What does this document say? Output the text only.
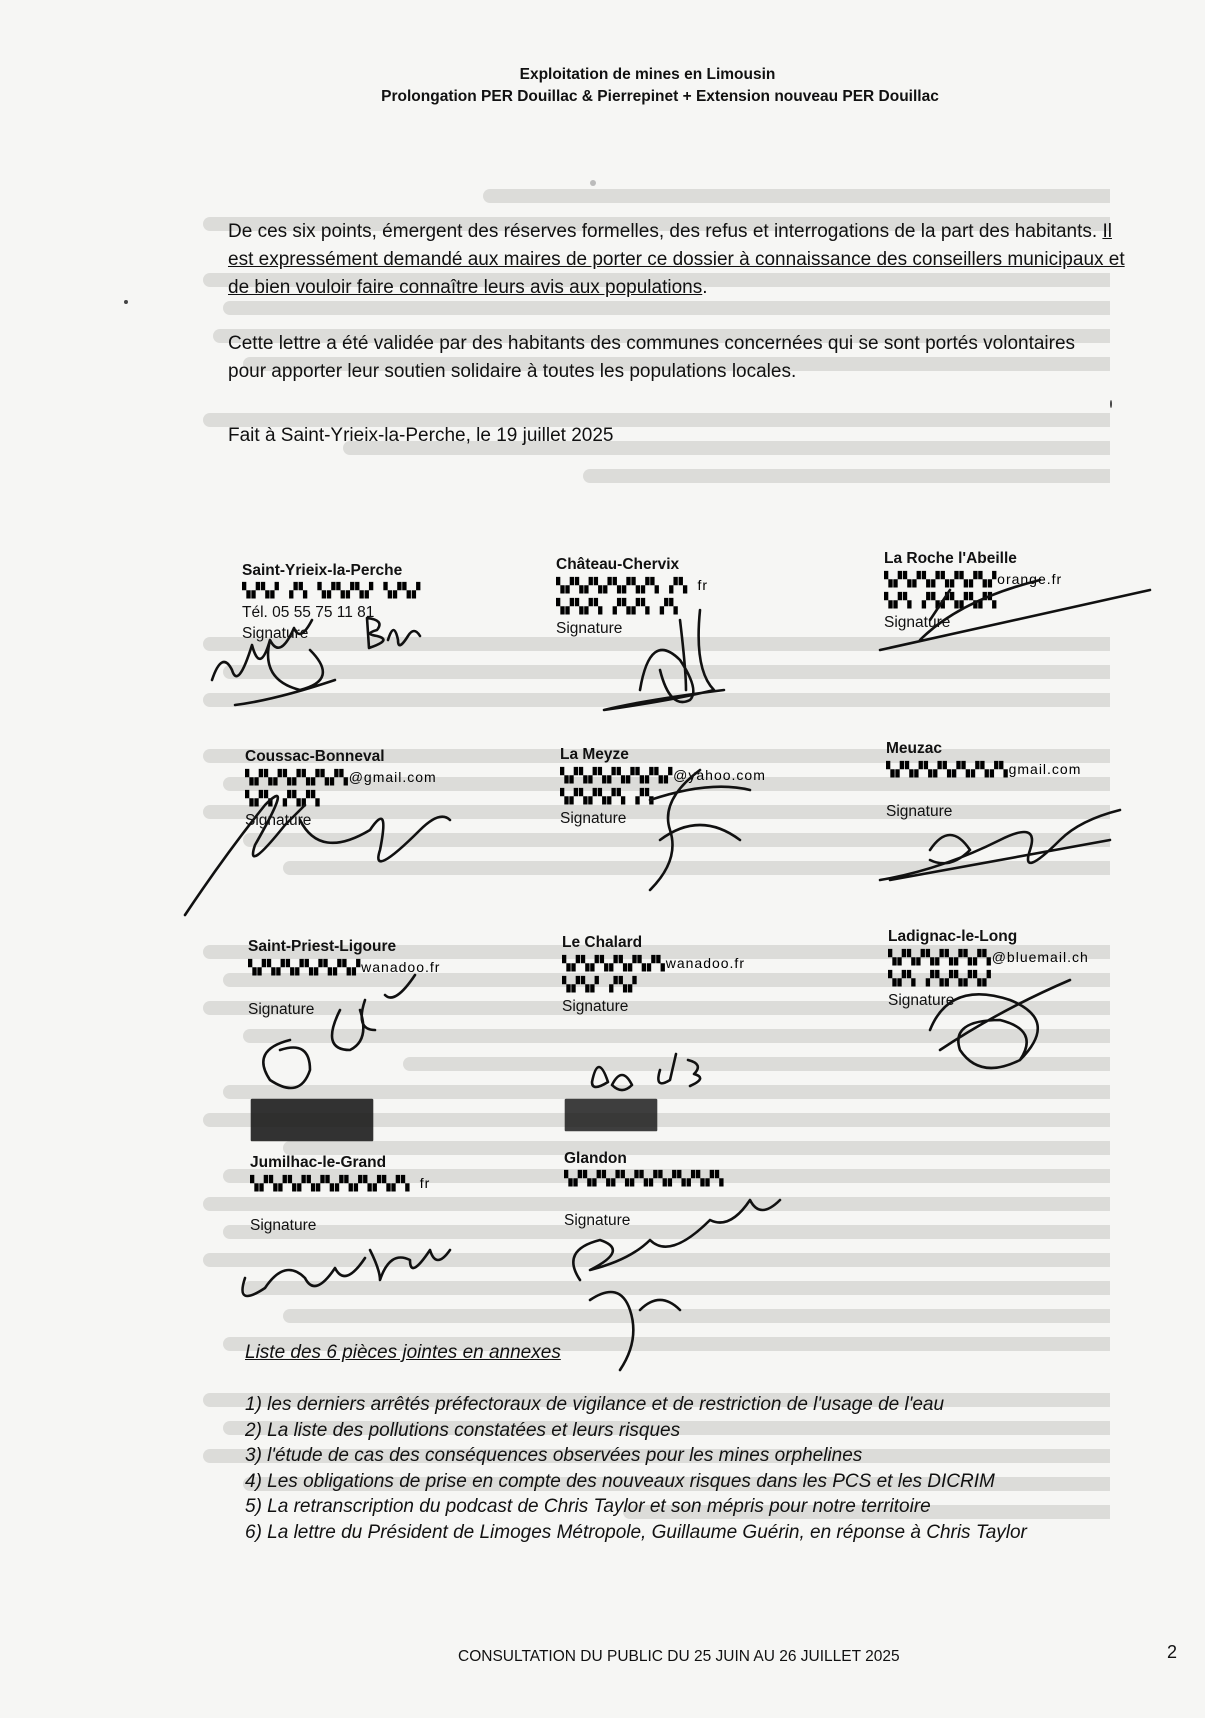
Exploitation de mines en Limousin
Prolongation PER Douillac & Pierrepinet + Extension nouveau PER Douillac
De ces six points, émergent des réserves formelles, des refus et interrogations de la part des habitants. Il est expressément demandé aux maires de porter ce dossier à connaissance des conseillers municipaux et de bien vouloir faire connaître leurs avis aux populations.
Cette lettre a été validée par des habitants des communes concernées qui se sont portés volontaires pour apporter leur soutien solidaire à toutes les populations locales.
Fait à Saint-Yrieix-la-Perche, le 19 juillet 2025
Saint-Yrieix-la-Perche
▚▞▚▞ ▞▚ ▚▞▚▞▚▞ ▚▞▚▞
Tél. 05 55 75 11 81
Signature
Château-Chervix
▚▞▚▞▚▞▚▞▚▞▚ ▞▚ fr
▚▞▚▞▚ ▞▚▞▚ ▞▚
Signature
La Roche l'Abeille
▚▞▚▞▚▞▚▞▚▞▚▞orange.fr
▚▞▚ ▞▚▞▚▞▚▞▚
Signature
Coussac-Bonneval
▚▞▚▞▚▞▚▞▚▞▚@gmail.com
▚▞▚ ▞▚▞▚
Signature
La Meyze
▚▞▚▞▚▞▚▞▚▞▚▞@yahoo.com
▚▞▚▞▚▞▚ ▞▚
Signature
Meuzac
▚▞▚▞▚▞▚▞▚▞▚▞▚gmail.com
Signature
Saint-Priest-Ligoure
▚▞▚▞▚▞▚▞▚▞▚▞wanadoo.fr
Signature
Le Chalard
▚▞▚▞▚▞▚▞▚▞▚wanadoo.fr
▚▞▚▞ ▞▚▞
Signature
Ladignac-le-Long
▚▞▚▞▚▞▚▞▚▞▚@bluemail.ch
▚▞▚ ▞▚▞▚▞▚▞
Signature
Jumilhac-le-Grand
▚▞▚▞▚▞▚▞▚▞▚▞▚▞▚▞▚ fr
Signature
Glandon
▚▞▚▞▚▞▚▞▚▞▚▞▚▞▚▞▚
Signature
Liste des 6 pièces jointes en annexes
1) les derniers arrêtés préfectoraux de vigilance et de restriction de l'usage de l'eau
2) La liste des pollutions constatées et leurs risques
3) l'étude de cas des conséquences observées pour les mines orphelines
4) Les obligations de prise en compte des nouveaux risques dans les PCS et les DICRIM
5) La retranscription du podcast de Chris Taylor et son mépris pour notre territoire
6) La lettre du Président de Limoges Métropole, Guillaume Guérin, en réponse à Chris Taylor
CONSULTATION DU PUBLIC DU 25 JUIN AU 26 JUILLET 2025	2
